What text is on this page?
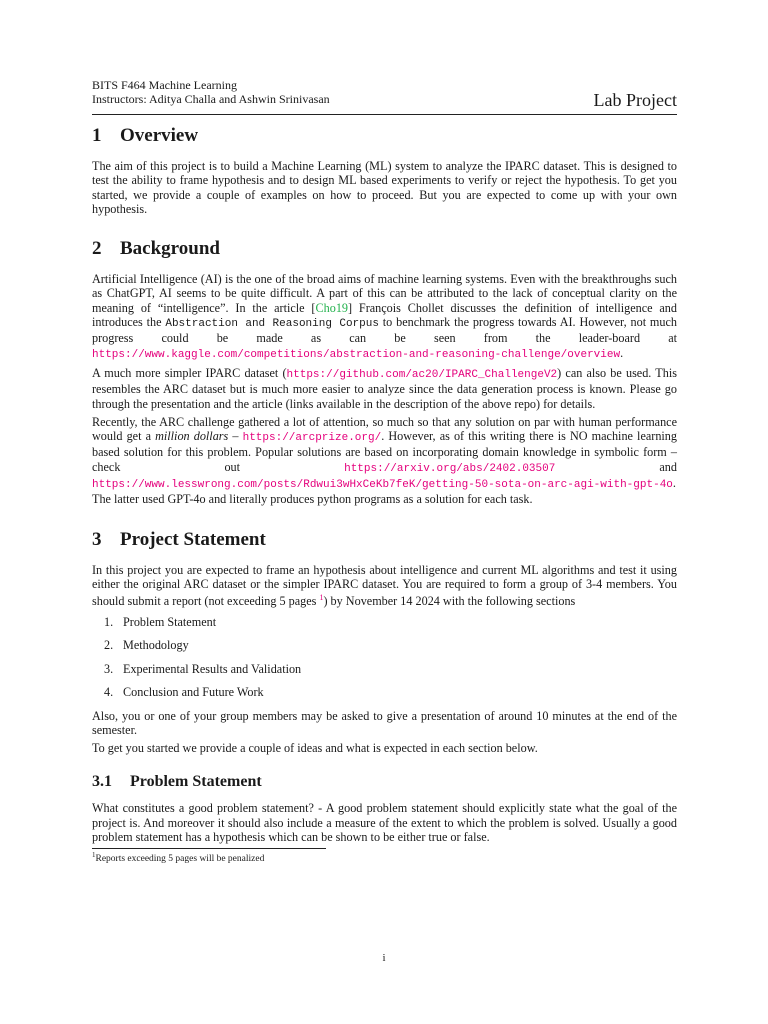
BITS F464 Machine Learning
Instructors: Aditya Challa and Ashwin Srinivasan	Lab Project
1 Overview

The aim of this project is to build a Machine Learning (ML) system to analyze the IPARC dataset. This is designed to test the ability to frame hypothesis and to design ML based experiments to verify or reject the hypothesis. To get you started, we provide a couple of examples on how to proceed. But you are expected to come up with your own hypothesis.

2 Background

Artificial Intelligence (AI) is the one of the broad aims of machine learning systems. Even with the breakthroughs such as ChatGPT, AI seems to be quite difficult. A part of this can be attributed to the lack of conceptual clarity on the meaning of “intelligence”. In the article [Cho19] François Chollet discusses the definition of intelligence and introduces the Abstraction and Reasoning Corpus to benchmark the progress towards AI. However, not much progress could be made as can be seen from the leader-board at https://www.kaggle.com/competitions/abstraction-and-reasoning-challenge/overview.

A much more simpler IPARC dataset (https://github.com/ac20/IPARC_ChallengeV2) can also be used. This resembles the ARC dataset but is much more easier to analyze since the data generation process is known. Please go through the presentation and the article (links available in the description of the above repo) for details.

Recently, the ARC challenge gathered a lot of attention, so much so that any solution on par with human performance would get a million dollars – https://arcprize.org/. However, as of this writing there is NO machine learning based solution for this problem. Popular solutions are based on incorporating domain knowledge in symbolic form – check out https://arxiv.org/abs/2402.03507 and https://www.lesswrong.com/posts/Rdwui3wHxCeKb7feK/getting-50-sota-on-arc-agi-with-gpt-4o. The latter used GPT-4o and literally produces python programs as a solution for each task.

3 Project Statement

In this project you are expected to frame an hypothesis about intelligence and current ML algorithms and test it using either the original ARC dataset or the simpler IPARC dataset. You are required to form a group of 3-4 members. You should submit a report (not exceeding 5 pages $^1$) by November 14 2024 with the following sections

1. Problem Statement
2. Methodology
3. Experimental Results and Validation
4. Conclusion and Future Work

Also, you or one of your group members may be asked to give a presentation of around 10 minutes at the end of the semester.

To get you started we provide a couple of ideas and what is expected in each section below.

3.1 Problem Statement

What constitutes a good problem statement? - A good problem statement should explicitly state what the goal of the project is. And moreover it should also include a measure of the extent to which the problem is solved. Usually a good problem statement has a hypothesis which can be shown to be either true or false.

$^1$Reports exceeding 5 pages will be penalized
i
